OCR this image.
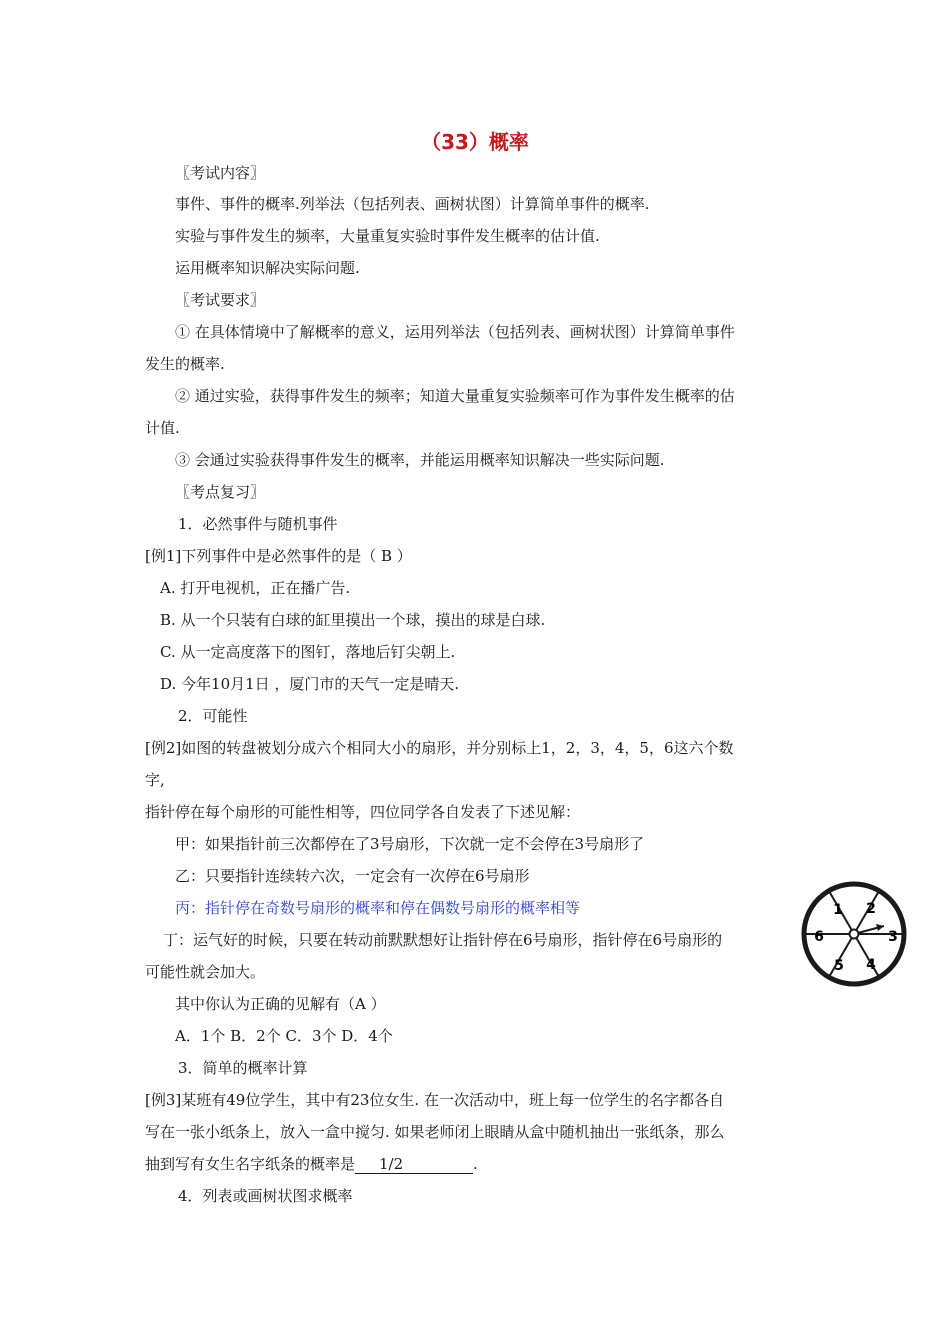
（33）概率
〖考试内容〗
事件、事件的概率.列举法（包括列表、画树状图）计算简单事件的概率.
实验与事件发生的频率，大量重复实验时事件发生概率的估计值.
运用概率知识解决实际问题.
〖考试要求〗
① 在具体情境中了解概率的意义，运用列举法（包括列表、画树状图）计算简单事件
发生的概率.
② 通过实验，获得事件发生的频率；知道大量重复实验频率可作为事件发生概率的估
计值.
③ 会通过实验获得事件发生的概率，并能运用概率知识解决一些实际问题.
〖考点复习〗
1．必然事件与随机事件
[例1]下列事件中是必然事件的是（ B ）
A. 打开电视机，正在播广告.
B. 从一个只装有白球的缸里摸出一个球，摸出的球是白球.
C. 从一定高度落下的图钉，落地后钉尖朝上.
D. 今年10月1日 ，厦门市的天气一定是晴天.
2．可能性
[例2]如图的转盘被划分成六个相同大小的扇形，并分别标上1，2，3，4，5，6这六个数
字,
指针停在每个扇形的可能性相等，四位同学各自发表了下述见解：
甲：如果指针前三次都停在了3号扇形，下次就一定不会停在3号扇形了
乙：只要指针连续转六次，一定会有一次停在6号扇形
丙：指针停在奇数号扇形的概率和停在偶数号扇形的概率相等
丁：运气好的时候，只要在转动前默默想好让指针停在6号扇形，指针停在6号扇形的
可能性就会加大。
其中你认为正确的见解有（A ）
A．1个 B．2个 C．3个 D．4个
1 2
3
4
5
6
3．简单的概率计算
[例3]某班有49位学生，其中有23位女生. 在一次活动中，班上每一位学生的名字都各自
写在一张小纸条上，放入一盒中搅匀. 如果老师闭上眼睛从盒中随机抽出一张纸条，那么
抽到写有女生名字纸条的概率是 1/2	.
4．列表或画树状图求概率
